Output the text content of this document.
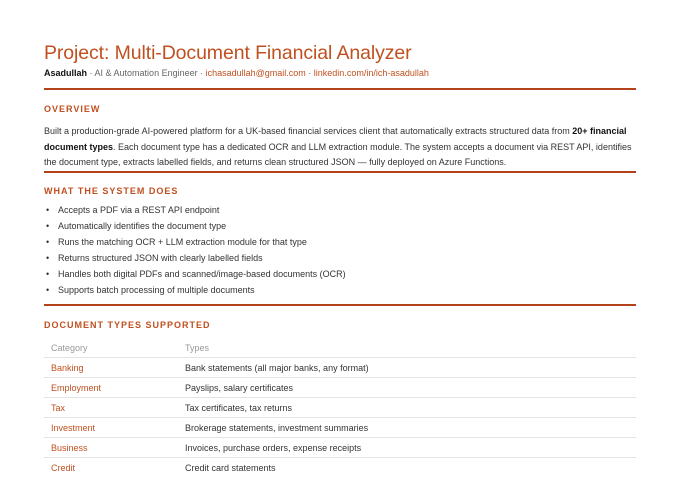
Project: Multi-Document Financial Analyzer
Asadullah · AI & Automation Engineer · ichasadullah@gmail.com · linkedin.com/in/ich-asadullah
OVERVIEW
Built a production-grade AI-powered platform for a UK-based financial services client that automatically extracts structured data from 20+ financial document types. Each document type has a dedicated OCR and LLM extraction module. The system accepts a document via REST API, identifies the document type, extracts labelled fields, and returns clean structured JSON — fully deployed on Azure Functions.
WHAT THE SYSTEM DOES
• Accepts a PDF via a REST API endpoint
• Automatically identifies the document type
• Runs the matching OCR + LLM extraction module for that type
• Returns structured JSON with clearly labelled fields
• Handles both digital PDFs and scanned/image-based documents (OCR)
• Supports batch processing of multiple documents
DOCUMENT TYPES SUPPORTED
Category	Types
Banking	Bank statements (all major banks, any format)
Employment	Payslips, salary certificates
Tax	Tax certificates, tax returns
Investment	Brokerage statements, investment summaries
Business	Invoices, purchase orders, expense receipts
Credit	Credit card statements
